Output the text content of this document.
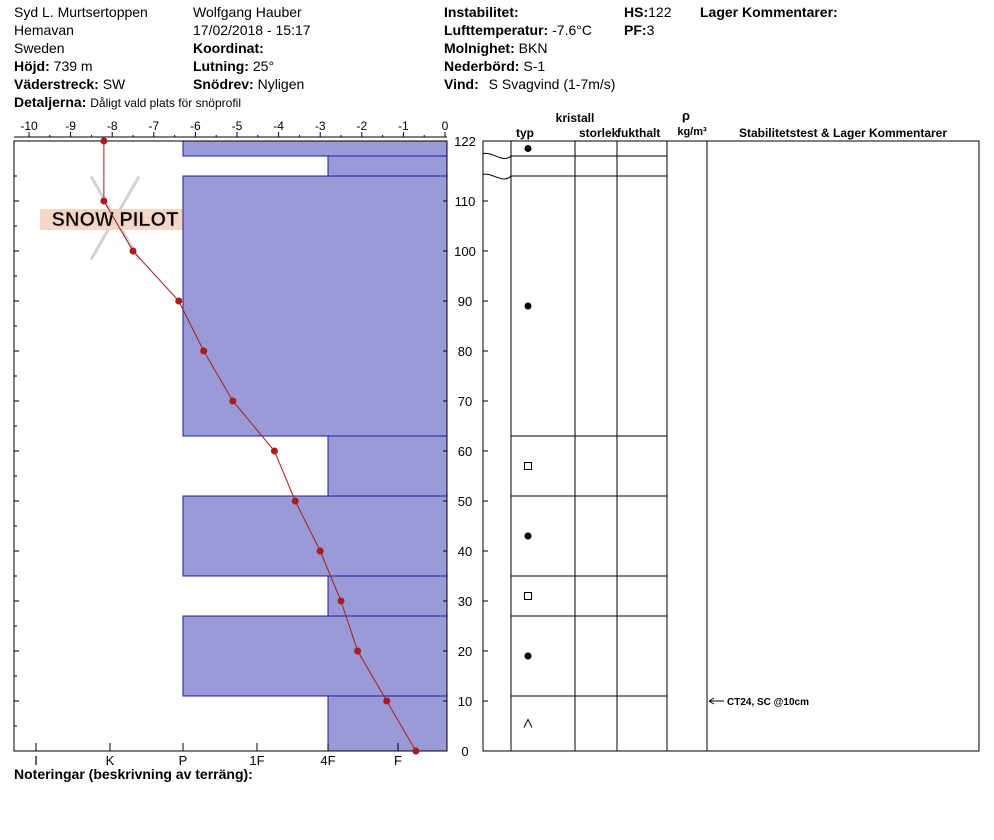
Syd L. Murtsertoppen
Hemavan
Sweden
Höjd: 739 m
Väderstreck: SW
Detaljerna: Dåligt vald plats för snöprofil
Wolfgang Hauber
17/02/2018 - 15:17
Koordinat:
Lutning: 25°
Snödrev: Nyligen
Instabilitet:
Lufttemperatur: -7.6°C
Molnighet: BKN
Nederbörd: S-1
Vind: S Svagvind (1-7m/s)
HS:122
PF:3
Lager Kommentarer:
SNOW PILOT
-10 -9	-8	-7	-6	-5	-4	-3	-2	-1	0
I	K	P	1F	4F	F
0
10
20
30
40
50
60
70
80
90
100
110
122
kristall
typ	storlek
fukthalt
ρ
kg/m³	Stabilitetstest & Lager Kommentarer
CT24, SC @10cm
Noteringar (beskrivning av terräng):
